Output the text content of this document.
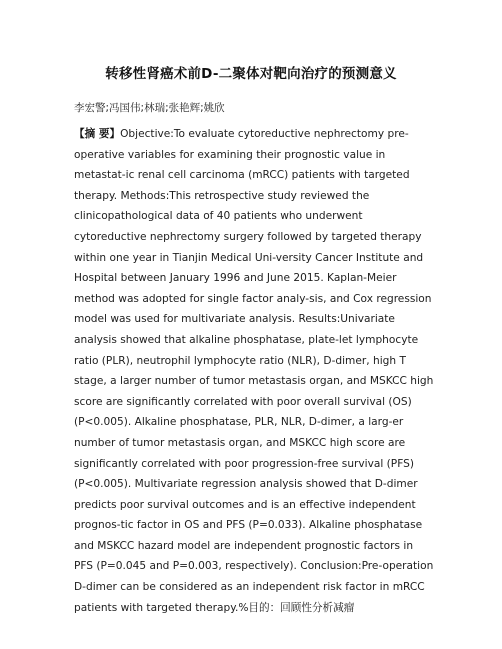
转移性肾癌术前D-二聚体对靶向治疗的预测意义
李宏警;冯国伟;林瑞;张艳辉;姚欣
【摘 要】Objective:To evaluate cytoreductive nephrectomy pre-operative variables for examining their prognostic value in metastat-ic renal cell carcinoma (mRCC) patients with targeted therapy. Methods:This retrospective study reviewed the clinicopathological data of 40 patients who underwent cytoreductive nephrectomy surgery followed by targeted therapy within one year in Tianjin Medical Uni-versity Cancer Institute and Hospital between January 1996 and June 2015. Kaplan-Meier method was adopted for single factor analy-sis, and Cox regression model was used for multivariate analysis. Results:Univariate analysis showed that alkaline phosphatase, plate-let lymphocyte ratio (PLR), neutrophil lymphocyte ratio (NLR), D-dimer, high T stage, a larger number of tumor metastasis organ, and MSKCC high score are significantly correlated with poor overall survival (OS) (P<0.005). Alkaline phosphatase, PLR, NLR, D-dimer, a larg-er number of tumor metastasis organ, and MSKCC high score are significantly correlated with poor progression-free survival (PFS) (P<0.005). Multivariate regression analysis showed that D-dimer predicts poor survival outcomes and is an effective independent prognos-tic factor in OS and PFS (P=0.033). Alkaline phosphatase and MSKCC hazard model are independent prognostic factors in PFS (P=0.045 and P=0.003, respectively). Conclusion:Pre-operation D-dimer can be considered as an independent risk factor in mRCC patients with targeted therapy.%目的：回顾性分析减瘤
